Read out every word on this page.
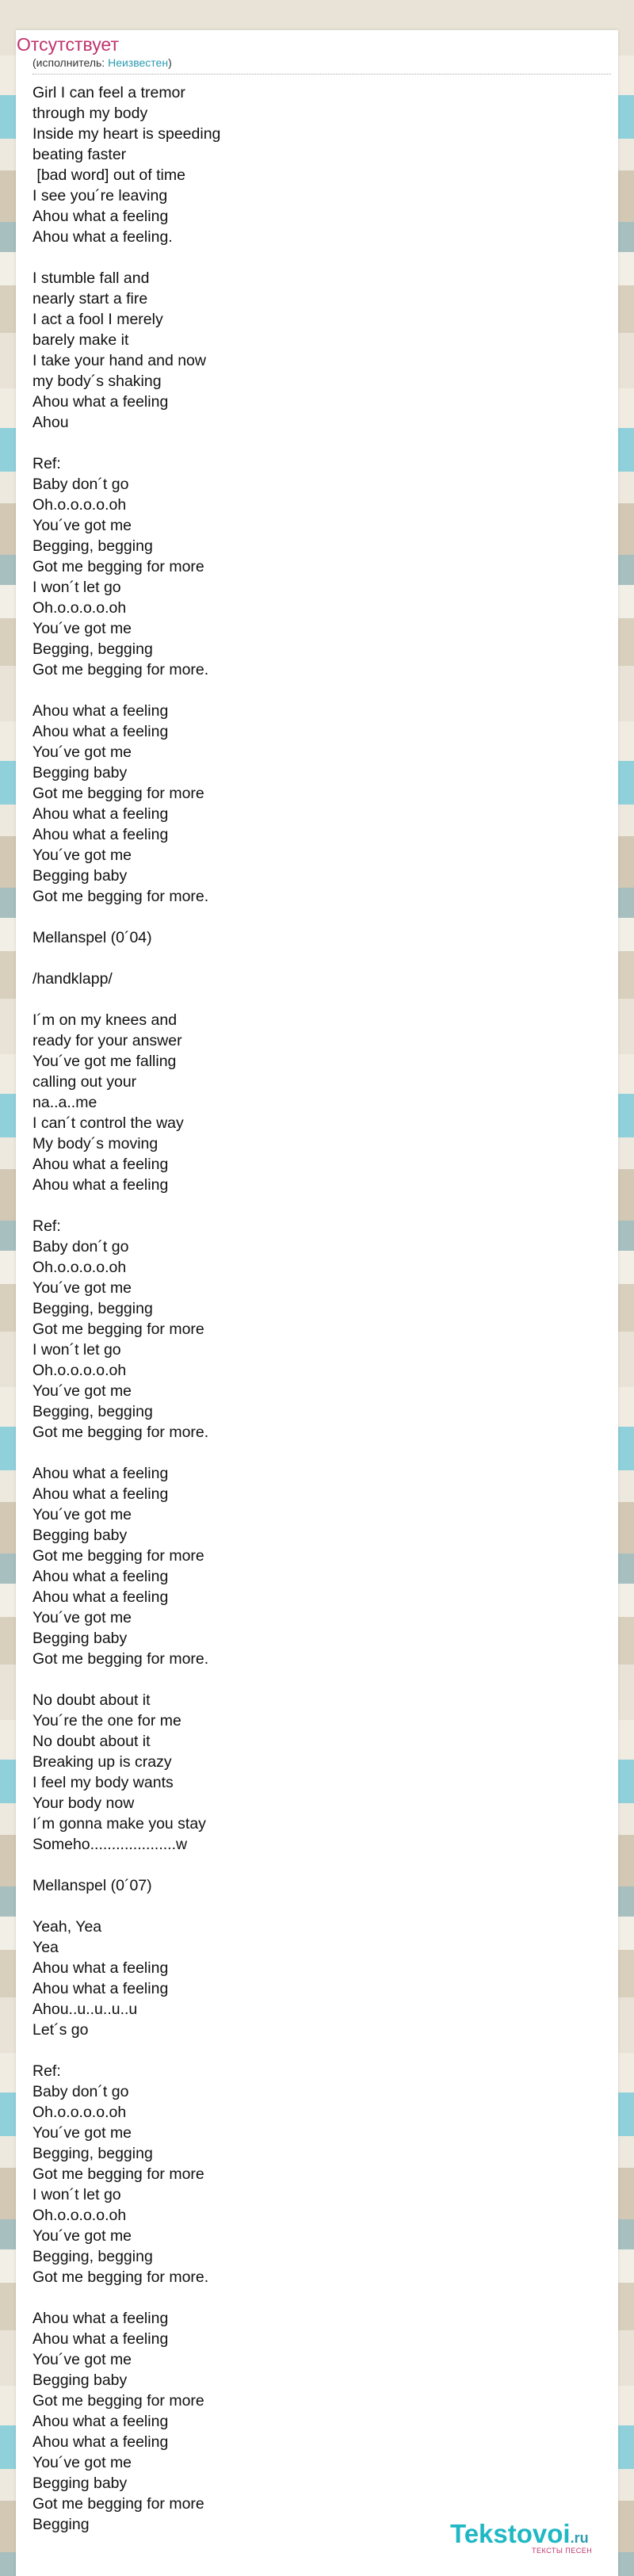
Отсутствует
(исполнитель: Неизвестен)
Girl I can feel a tremor
through my body
Inside my heart is speeding
beating faster
[bad word] out of time
I see you´re leaving
Ahou what a feeling
Ahou what a feeling.

I stumble fall and
nearly start a fire
I act a fool I merely
barely make it
I take your hand and now
my body´s shaking
Ahou what a feeling
Ahou

Ref:
Baby don´t go
Oh.o.o.o.o.oh
You´ve got me
Begging, begging
Got me begging for more
I won´t let go
Oh.o.o.o.o.oh
You´ve got me
Begging, begging
Got me begging for more.

Ahou what a feeling
Ahou what a feeling
You´ve got me
Begging baby
Got me begging for more
Ahou what a feeling
Ahou what a feeling
You´ve got me
Begging baby
Got me begging for more.

Mellanspel (0´04)

/handklapp/

I´m on my knees and
ready for your answer
You´ve got me falling
calling out your
na..a..me
I can´t control the way
My body´s moving
Ahou what a feeling
Ahou what a feeling

Ref:
Baby don´t go
Oh.o.o.o.o.oh
You´ve got me
Begging, begging
Got me begging for more
I won´t let go
Oh.o.o.o.o.oh
You´ve got me
Begging, begging
Got me begging for more.

Ahou what a feeling
Ahou what a feeling
You´ve got me
Begging baby
Got me begging for more
Ahou what a feeling
Ahou what a feeling
You´ve got me
Begging baby
Got me begging for more.

No doubt about it
You´re the one for me
No doubt about it
Breaking up is crazy
I feel my body wants
Your body now
I´m gonna make you stay
Someho....................w

Mellanspel (0´07)

Yeah, Yea
Yea
Ahou what a feeling
Ahou what a feeling
Ahou..u..u..u..u
Let´s go

Ref:
Baby don´t go
Oh.o.o.o.o.oh
You´ve got me
Begging, begging
Got me begging for more
I won´t let go
Oh.o.o.o.o.oh
You´ve got me
Begging, begging
Got me begging for more.

Ahou what a feeling
Ahou what a feeling
You´ve got me
Begging baby
Got me begging for more
Ahou what a feeling
Ahou what a feeling
You´ve got me
Begging baby
Got me begging for more
Begging	Tekstovoi.ru
ТЕКСТЫ ПЕСЕН
